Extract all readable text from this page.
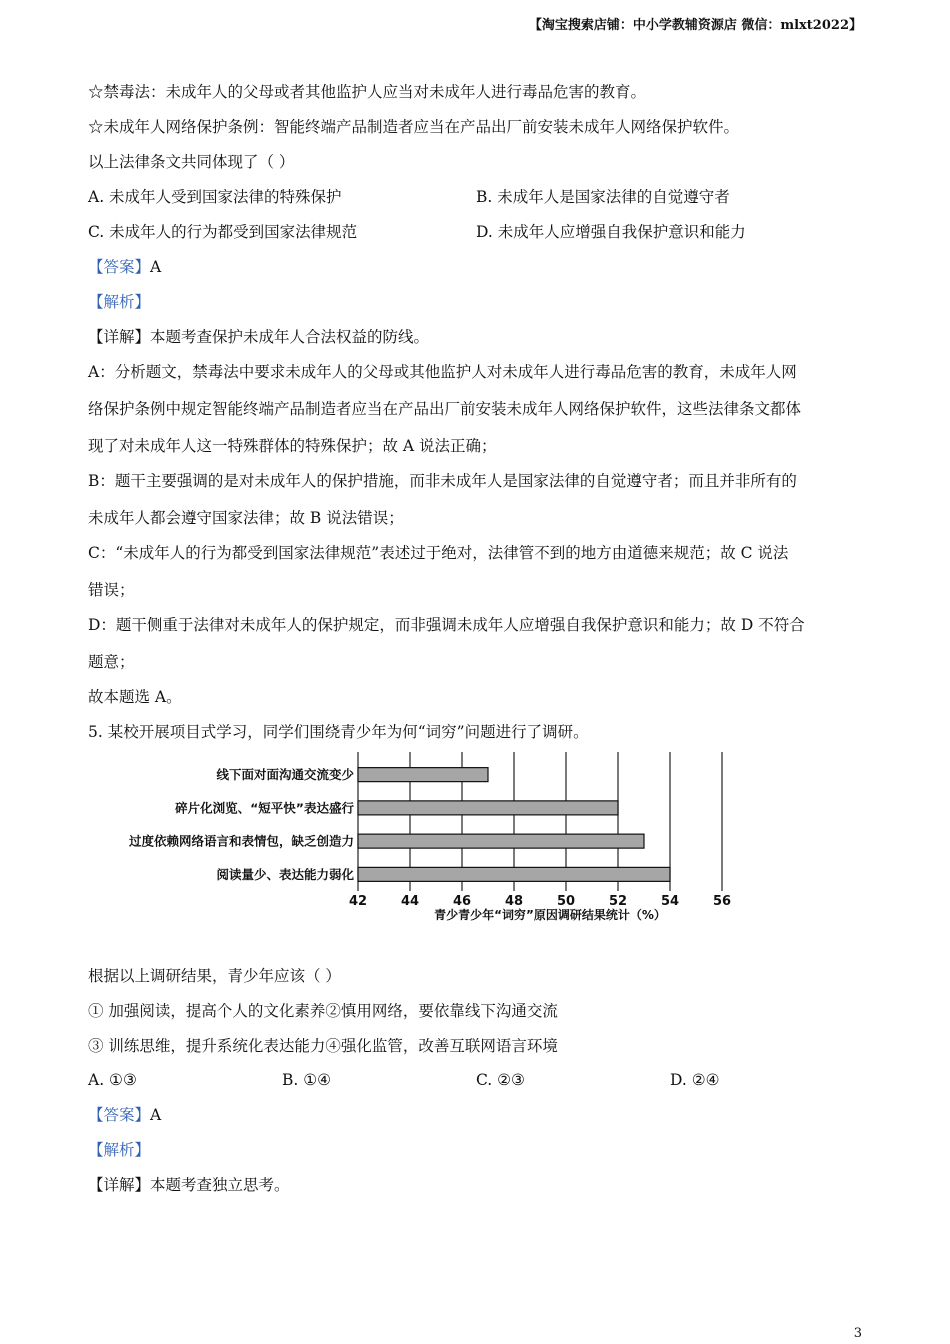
【淘宝搜索店铺：中小学教辅资源店 微信：mlxt2022】
☆禁毒法：未成年人的父母或者其他监护人应当对未成年人进行毒品危害的教育。
☆未成年人网络保护条例：智能终端产品制造者应当在产品出厂前安装未成年人网络保护软件。
以上法律条文共同体现了（ ）
A. 未成年人受到国家法律的特殊保护	B. 未成年人是国家法律的自觉遵守者
C. 未成年人的行为都受到国家法律规范	D. 未成年人应增强自我保护意识和能力
【答案】A
【解析】
【详解】本题考查保护未成年人合法权益的防线。
A：分析题文，禁毒法中要求未成年人的父母或其他监护人对未成年人进行毒品危害的教育，未成年人网
络保护条例中规定智能终端产品制造者应当在产品出厂前安装未成年人网络保护软件，这些法律条文都体
现了对未成年人这一特殊群体的特殊保护；故 A 说法正确；
B：题干主要强调的是对未成年人的保护措施，而非未成年人是国家法律的自觉遵守者；而且并非所有的
未成年人都会遵守国家法律；故 B 说法错误；
C：“未成年人的行为都受到国家法律规范”表述过于绝对，法律管不到的地方由道德来规范；故 C 说法
错误；
D：题干侧重于法律对未成年人的保护规定，而非强调未成年人应增强自我保护意识和能力；故 D 不符合
题意；
故本题选 A。
5. 某校开展项目式学习，同学们围绕青少年为何“词穷”问题进行了调研。
线下面对面沟通交流变少
碎片化浏览、“短平快”表达盛行
过度依赖网络语言和表情包，缺乏创造力
阅读量少、表达能力弱化
42	44	46	48	50	52	54	56
青少青少年“词穷”原因调研结果统计（%）
根据以上调研结果，青少年应该（ ）
① 加强阅读，提高个人的文化素养②慎用网络，要依靠线下沟通交流
③ 训练思维，提升系统化表达能力④强化监管，改善互联网语言环境
A. ①③	B. ①④	C. ②③	D. ②④
【答案】A
【解析】
【详解】本题考查独立思考。
3
